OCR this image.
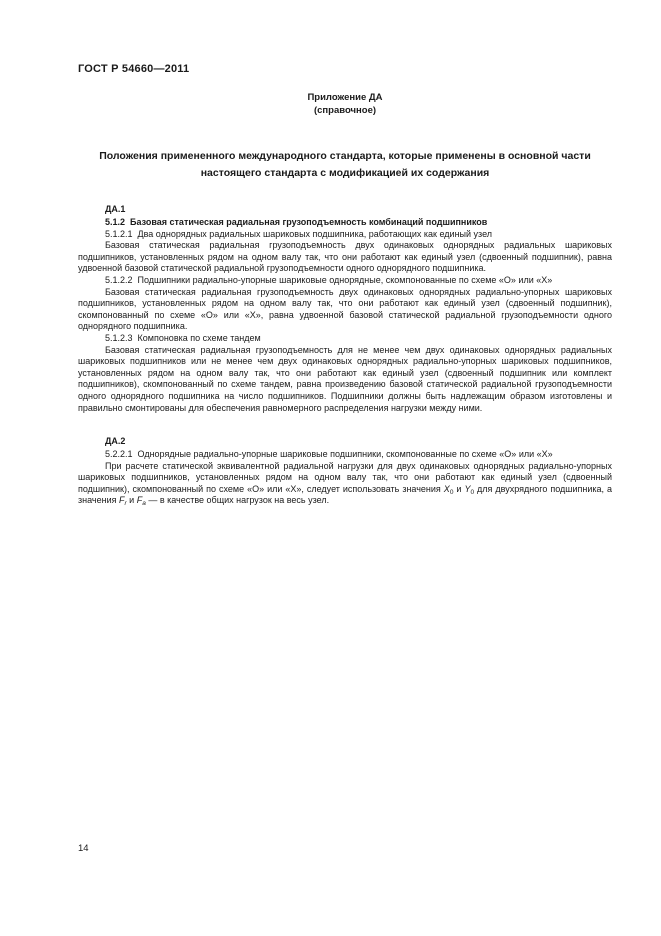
ГОСТ Р 54660—2011
Приложение ДА
(справочное)
Положения примененного международного стандарта, которые применены в основной части настоящего стандарта с модификацией их содержания
ДА.1

5.1.2  Базовая статическая радиальная грузоподъемность комбинаций подшипников

5.1.2.1  Два однорядных радиальных шариковых подшипника, работающих как единый узел

Базовая статическая радиальная грузоподъемность двух одинаковых однорядных радиальных шариковых подшипников, установленных рядом на одном валу так, что они работают как единый узел (сдвоенный подшипник), равна удвоенной базовой статической радиальной грузоподъемности одного однорядного подшипника.

5.1.2.2  Подшипники радиально-упорные шариковые однорядные, скомпонованные по схеме «О» или «Х»

Базовая статическая радиальная грузоподъемность двух одинаковых однорядных радиально-упорных шариковых подшипников, установленных рядом на одном валу так, что они работают как единый узел (сдвоенный подшипник), скомпонованный по схеме «О» или «Х», равна удвоенной базовой статической радиальной грузоподъемности одного однорядного подшипника.

5.1.2.3  Компоновка по схеме тандем

Базовая статическая радиальная грузоподъемность для не менее чем двух одинаковых однорядных радиальных шариковых подшипников или не менее чем двух одинаковых однорядных радиально-упорных шариковых подшипников, установленных рядом на одном валу так, что они работают как единый узел (сдвоенный подшипник или комплект подшипников), скомпонованный по схеме тандем, равна произведению базовой статической радиальной грузоподъемности одного однорядного подшипника на число подшипников. Подшипники должны быть надлежащим образом изготовлены и правильно смонтированы для обеспечения равномерного распределения нагрузки между ними.

ДА.2

5.2.2.1  Однорядные радиально-упорные шариковые подшипники, скомпонованные по схеме «О» или «Х»

При расчете статической эквивалентной радиальной нагрузки для двух одинаковых однорядных радиально-упорных шариковых подшипников, установленных рядом на одном валу так, что они работают как единый узел (сдвоенный подшипник), скомпонованный по схеме «О» или «Х», следует использовать значения $X_0$ и $Y_0$ для двухрядного подшипника, а значения $F_r$ и $F_a$ — в качестве общих нагрузок на весь узел.

14
